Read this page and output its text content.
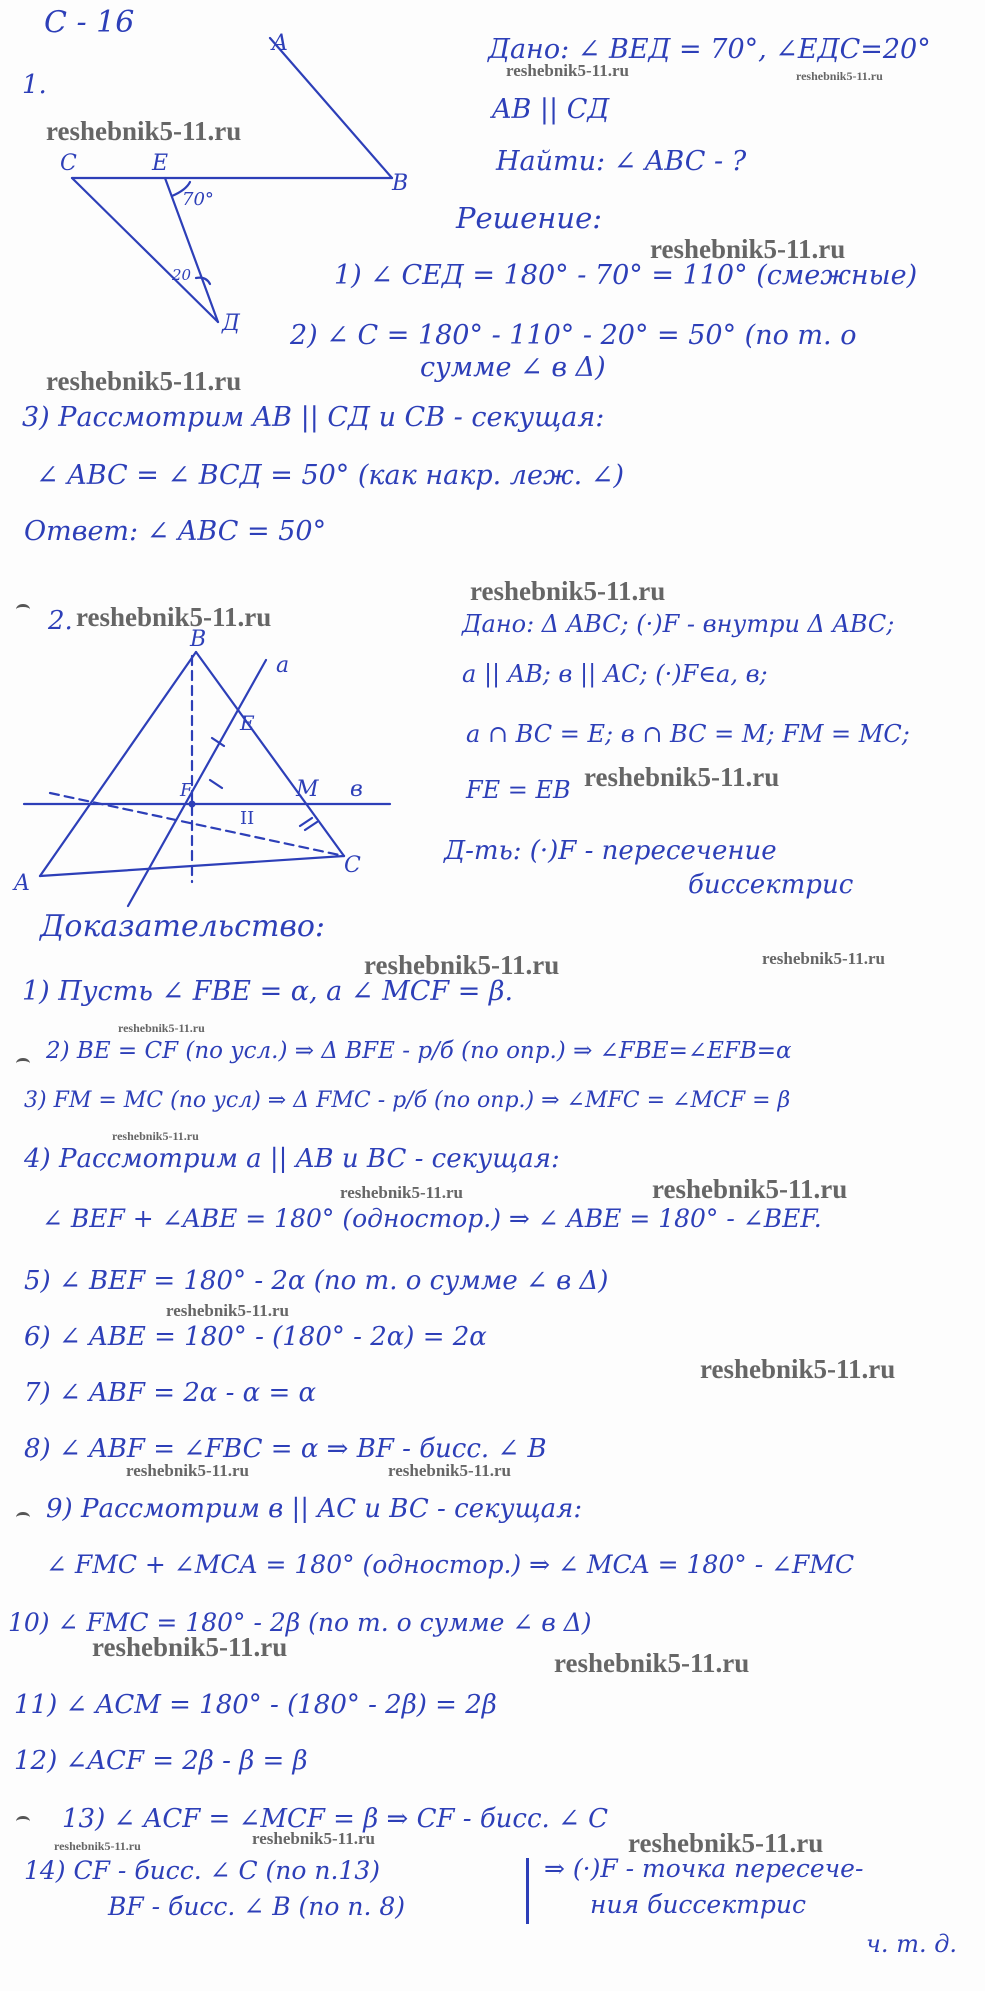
С - 16
1.
A
B
C	E
Д
70°
20
Дано: ∠ BEД = 70°, ∠EДC=20°
AB || CД
Найти: ∠ ABC - ?
Решение:
1) ∠ CEД = 180° - 70° = 110° (смежные)
2) ∠ C = 180° - 110° - 20° = 50° (по т. о
сумме ∠ в Δ)
3) Рассмотрим AB || CД и CB - секущая:
∠ ABC = ∠ BCД = 50° (как накр. леж. ∠)
Ответ: ∠ ABC = 50°
2.
B
A
C
E
F	M
a
в
II
Дано: Δ ABC; (·)F - внутри Δ ABC;
a || AB; в || AC; (·)F∈a, в;
a ∩ BC = E; в ∩ BC = M; FM = MC;
FE = EB
Д-ть: (·)F - пересечение
биссектрис
Доказательство:
1) Пусть ∠ FBE = α, а ∠ MCF = β.
2) BE = CF (по усл.) ⇒ Δ BFE - р/б (по опр.) ⇒ ∠FBE=∠EFB=α
3) FM = MC (по усл) ⇒ Δ FMC - р/б (по опр.) ⇒ ∠MFC = ∠MCF = β
4) Рассмотрим a || AB и BC - секущая:
∠ BEF + ∠ABE = 180° (одностор.) ⇒ ∠ ABE = 180° - ∠BEF.
5) ∠ BEF = 180° - 2α (по т. о сумме ∠ в Δ)
6) ∠ ABE = 180° - (180° - 2α) = 2α
7) ∠ ABF = 2α - α = α
8) ∠ ABF = ∠FBC = α ⇒ BF - бисс. ∠ B
9) Рассмотрим в || AC и BC - секущая:
∠ FMC + ∠MCA = 180° (одностор.) ⇒ ∠ MCA = 180° - ∠FMC
10) ∠ FMC = 180° - 2β (по т. о сумме ∠ в Δ)
11) ∠ ACM = 180° - (180° - 2β) = 2β
12) ∠ACF = 2β - β = β
13) ∠ ACF = ∠MCF = β ⇒ CF - бисс. ∠ C
14) CF - бисс. ∠ C (по п.13)
BF - бисс. ∠ B (по п. 8)
⇒ (·)F - точка пересече-
ния биссектрис
ч. т. д.
reshebnik5-11.ru	reshebnik5-11.ru
reshebnik5-11.ru
reshebnik5-11.ru
reshebnik5-11.ru
reshebnik5-11.ru
reshebnik5-11.ru
reshebnik5-11.ru
reshebnik5-11.ru	reshebnik5-11.ru
reshebnik5-11.ru
reshebnik5-11.ru
reshebnik5-11.ru
reshebnik5-11.ru
reshebnik5-11.ru
reshebnik5-11.ru
reshebnik5-11.ru	reshebnik5-11.ru
reshebnik5-11.ru
reshebnik5-11.ru
reshebnik5-11.ru	reshebnik5-11.ru	reshebnik5-11.ru
